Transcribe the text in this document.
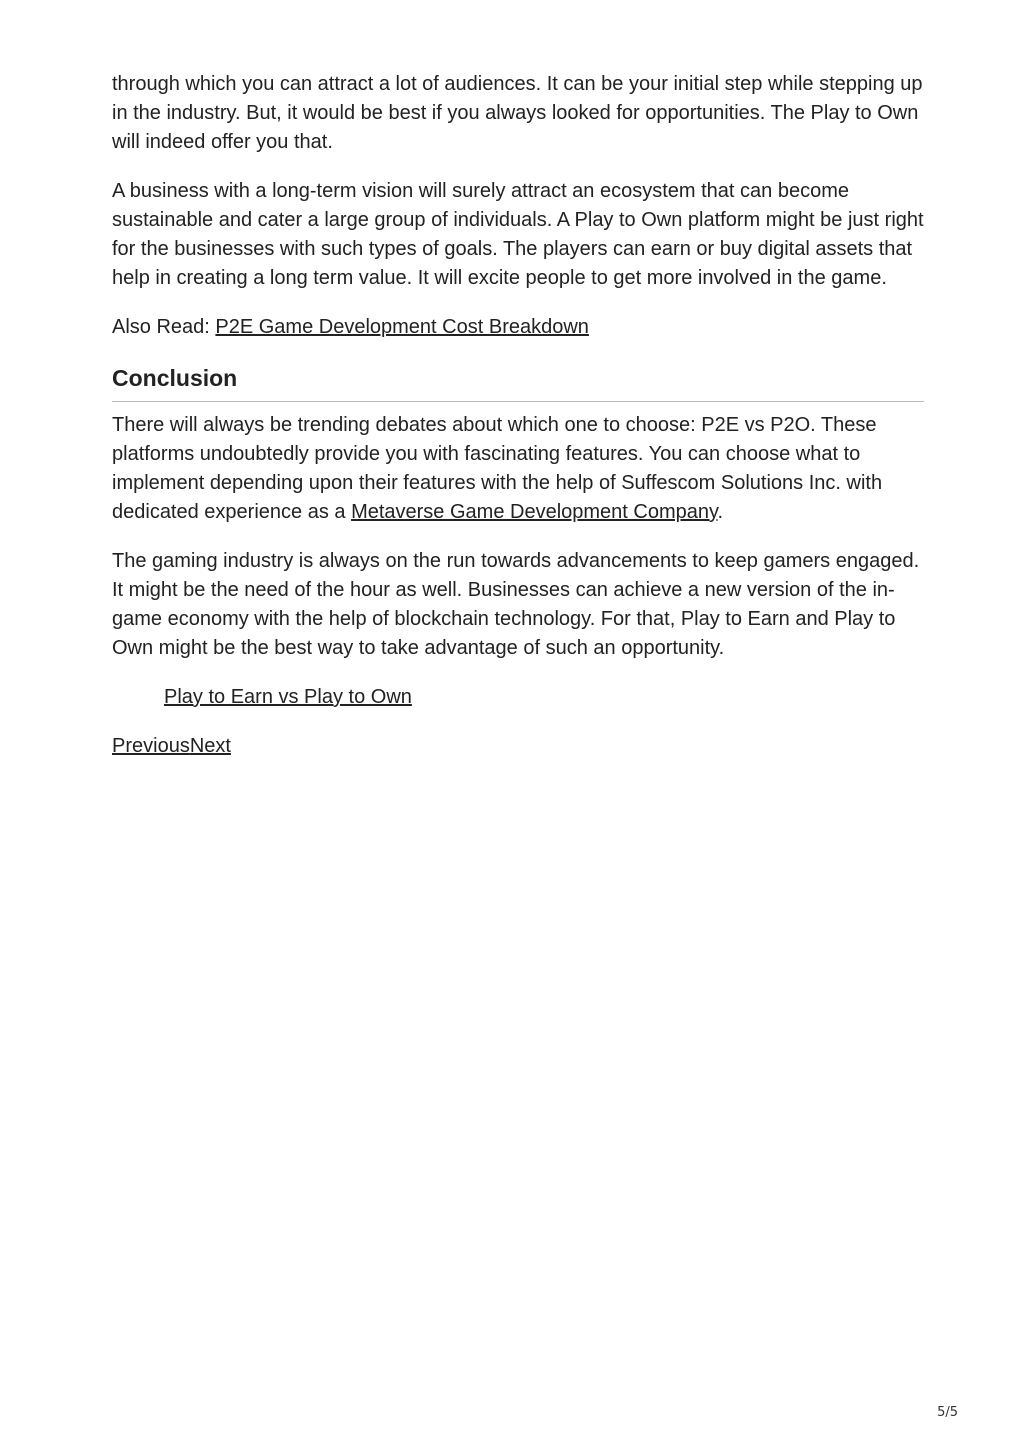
through which you can attract a lot of audiences. It can be your initial step while stepping up in the industry. But, it would be best if you always looked for opportunities. The Play to Own will indeed offer you that.

A business with a long-term vision will surely attract an ecosystem that can become sustainable and cater a large group of individuals. A Play to Own platform might be just right for the businesses with such types of goals. The players can earn or buy digital assets that help in creating a long term value. It will excite people to get more involved in the game.

Also Read: P2E Game Development Cost Breakdown

Conclusion

There will always be trending debates about which one to choose: P2E vs P2O. These platforms undoubtedly provide you with fascinating features. You can choose what to implement depending upon their features with the help of Suffescom Solutions Inc. with dedicated experience as a Metaverse Game Development Company.

The gaming industry is always on the run towards advancements to keep gamers engaged. It might be the need of the hour as well. Businesses can achieve a new version of the in-game economy with the help of blockchain technology. For that, Play to Earn and Play to Own might be the best way to take advantage of such an opportunity.

Play to Earn vs Play to Own

PreviousNext

5/5
